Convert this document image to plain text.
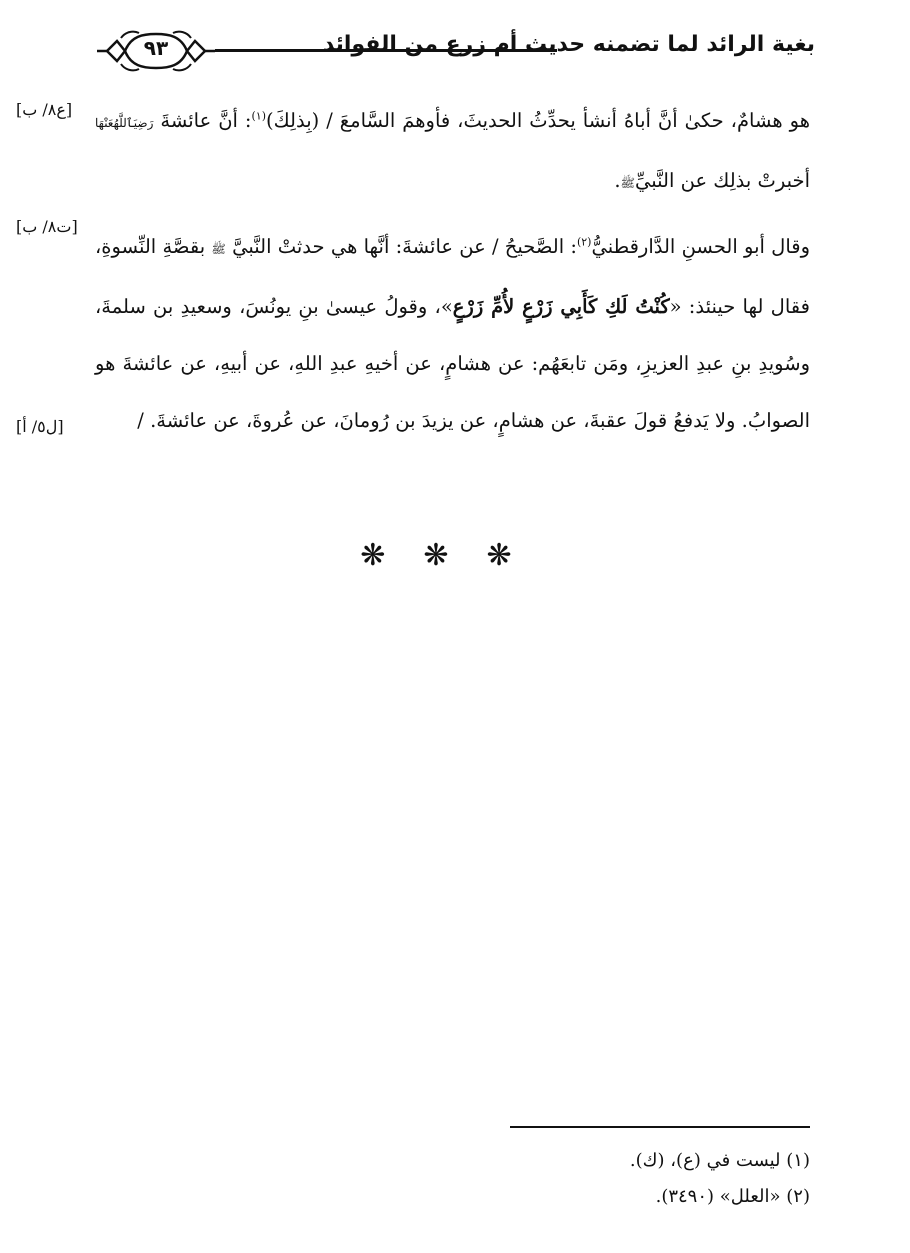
بغية الرائد لما تضمنه حديث أم زرع من الفوائد
٩٣

هو هشامٌ، حكىٰ أنَّ أباهُ أنشأ يحدِّثُ الحديثَ، فأوهمَ السَّامعَ / (بِذلِكَ)$^{(١)}$: أنَّ عائشةَ رَضِيَٱللَّهُعَنْهَا أخبرتْ بذلِك عن النَّبيِّﷺ.

وقال أبو الحسنِ الدَّارقطنيُّ$^{(٢)}$: الصَّحيحُ / عن عائشةَ: أنَّها هي حدثتْ النَّبيَّ ﷺ بقصَّةِ النِّسوةِ، فقال لها حينئذ: «كُنْتُ لَكِ كَأَبِي زَرْعٍ لأُمِّ زَرْعٍ»، وقولُ عيسىٰ بنِ يونُسَ، وسعيدِ بن سلمةَ، وسُويدِ بنِ عبدِ العزيزِ، ومَن تابعَهُم: عن هشامٍ، عن أخيهِ عبدِ اللهِ، عن أبيهِ، عن عائشةَ هو الصوابُ. ولا يَدفعُ قولَ عقبةَ، عن هشامٍ، عن يزيدَ بن رُومانَ، عن عُروةَ، عن عائشةَ. /

[ع٨/ ب]
[ت٨/ ب]
[ل٥/ أ]
❋❋❋

(١) ليست في (ع)، (ك).

(٢) «العلل» (٣٤٩٠).
